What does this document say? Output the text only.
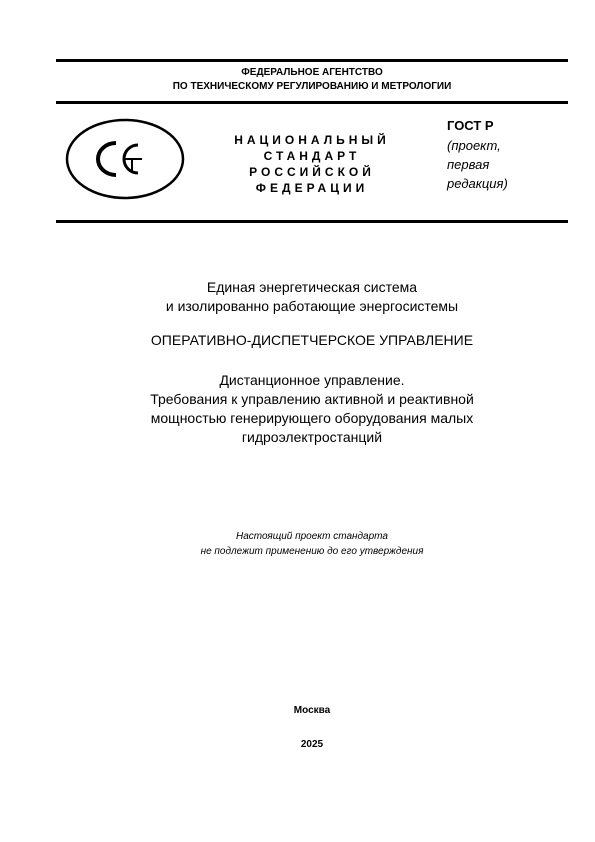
ФЕДЕРАЛЬНОЕ АГЕНТСТВО
ПО ТЕХНИЧЕСКОМУ РЕГУЛИРОВАНИЮ И МЕТРОЛОГИИ
НАЦИОНАЛЬНЫЙ
СТАНДАРТ
РОССИЙСКОЙ
ФЕДЕРАЦИИ
ГОСТ Р
(проект,
первая
редакция)
Единая энергетическая система
и изолированно работающие энергосистемы
ОПЕРАТИВНО-ДИСПЕТЧЕРСКОЕ УПРАВЛЕНИЕ
Дистанционное управление.
Требования к управлению активной и реактивной
мощностью генерирующего оборудования малых
гидроэлектростанций
Настоящий проект стандарта
не подлежит применению до его утверждения
Москва
2025
